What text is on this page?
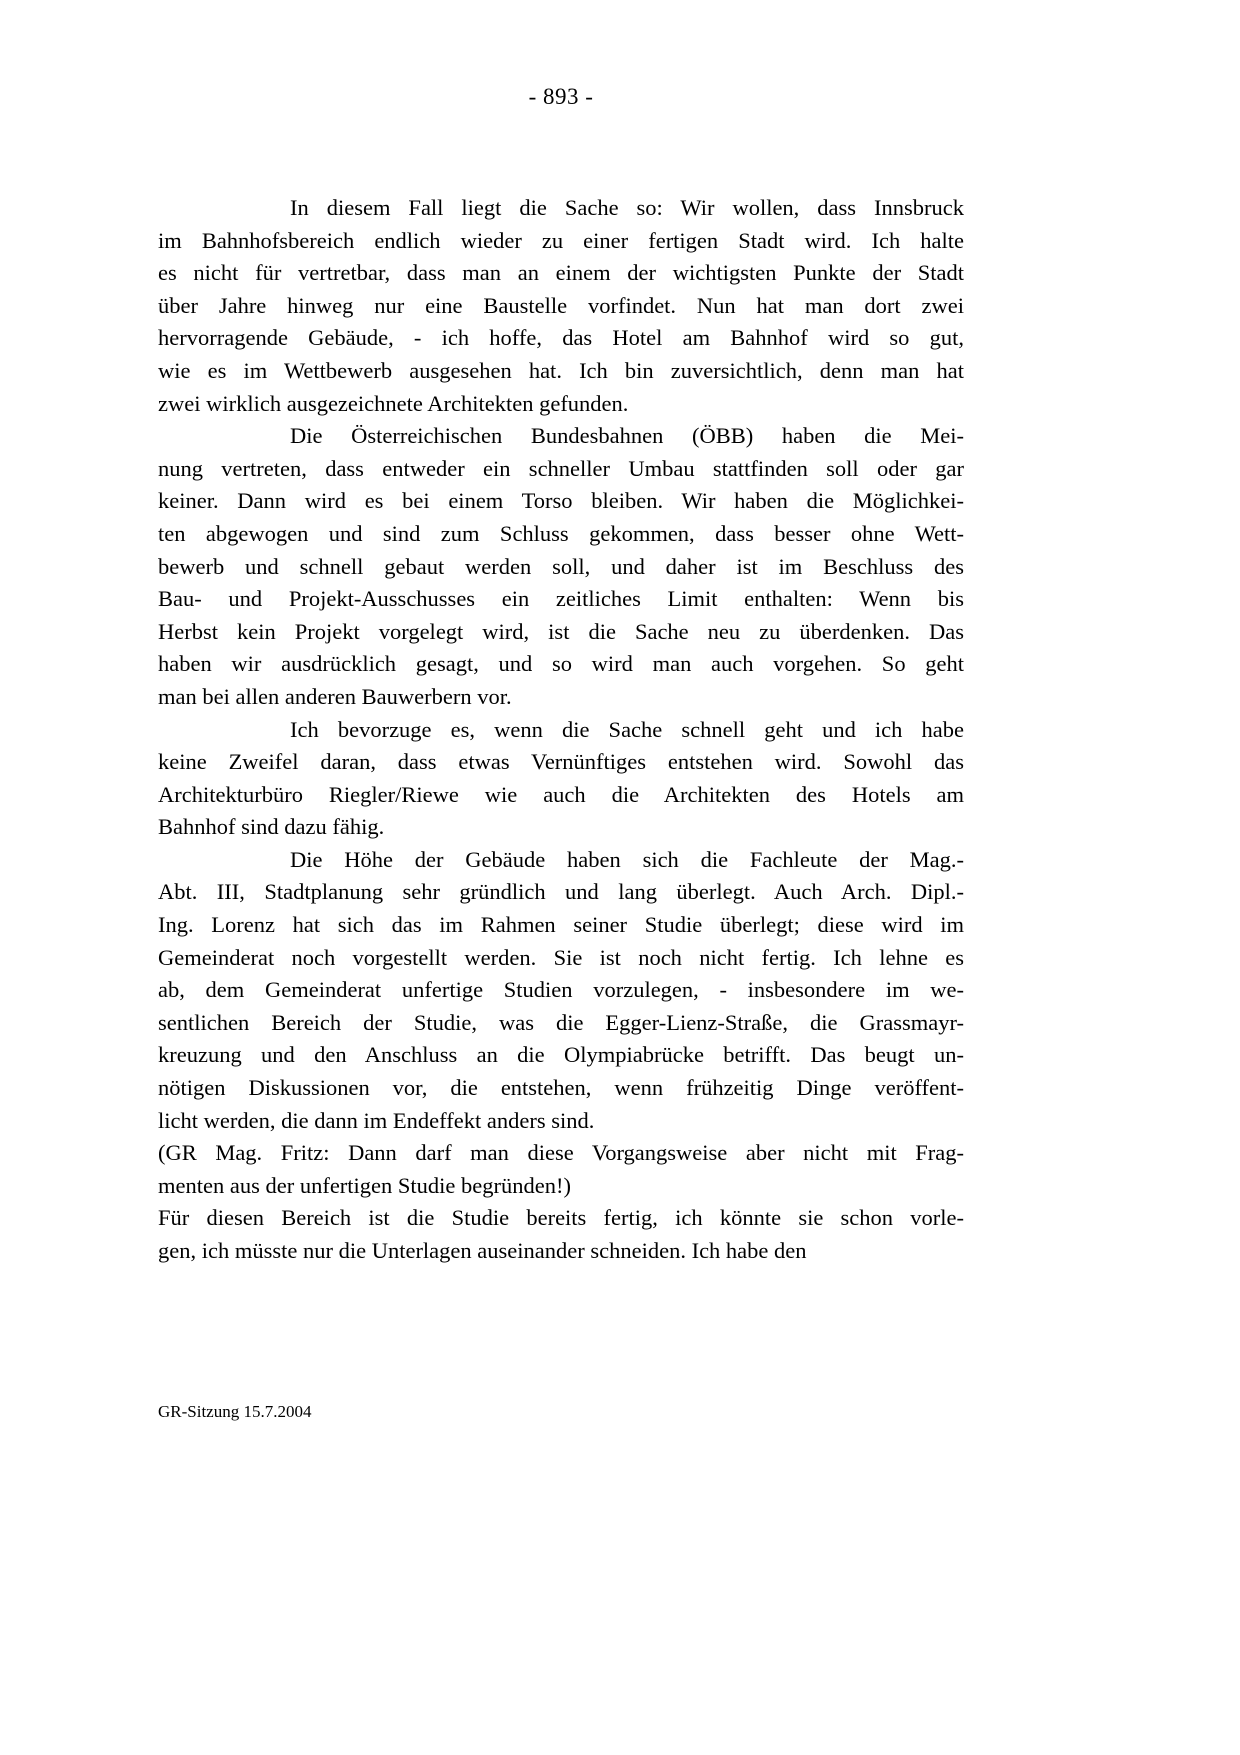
- 893 -
In diesem Fall liegt die Sache so: Wir wollen, dass Innsbruck
im Bahnhofsbereich endlich wieder zu einer fertigen Stadt wird. Ich halte
es nicht für vertretbar, dass man an einem der wichtigsten Punkte der Stadt
über Jahre hinweg nur eine Baustelle vorfindet. Nun hat man dort zwei
hervorragende Gebäude, - ich hoffe, das Hotel am Bahnhof wird so gut,
wie es im Wettbewerb ausgesehen hat. Ich bin zuversichtlich, denn man hat
zwei wirklich ausgezeichnete Architekten gefunden.
Die Österreichischen Bundesbahnen (ÖBB) haben die Mei-
nung vertreten, dass entweder ein schneller Umbau stattfinden soll oder gar
keiner. Dann wird es bei einem Torso bleiben. Wir haben die Möglichkei-
ten abgewogen und sind zum Schluss gekommen, dass besser ohne Wett-
bewerb und schnell gebaut werden soll, und daher ist im Beschluss des
Bau- und Projekt-Ausschusses ein zeitliches Limit enthalten: Wenn bis
Herbst kein Projekt vorgelegt wird, ist die Sache neu zu überdenken. Das
haben wir ausdrücklich gesagt, und so wird man auch vorgehen. So geht
man bei allen anderen Bauwerbern vor.
Ich bevorzuge es, wenn die Sache schnell geht und ich habe
keine Zweifel daran, dass etwas Vernünftiges entstehen wird. Sowohl das
Architekturbüro Riegler/Riewe wie auch die Architekten des Hotels am
Bahnhof sind dazu fähig.
Die Höhe der Gebäude haben sich die Fachleute der Mag.-
Abt. III, Stadtplanung sehr gründlich und lang überlegt. Auch Arch. Dipl.-
Ing. Lorenz hat sich das im Rahmen seiner Studie überlegt; diese wird im
Gemeinderat noch vorgestellt werden. Sie ist noch nicht fertig. Ich lehne es
ab, dem Gemeinderat unfertige Studien vorzulegen, - insbesondere im we-
sentlichen Bereich der Studie, was die Egger-Lienz-Straße, die Grassmayr-
kreuzung und den Anschluss an die Olympiabrücke betrifft. Das beugt un-
nötigen Diskussionen vor, die entstehen, wenn frühzeitig Dinge veröffent-
licht werden, die dann im Endeffekt anders sind.
(GR Mag. Fritz: Dann darf man diese Vorgangsweise aber nicht mit Frag-
menten aus der unfertigen Studie begründen!)
Für diesen Bereich ist die Studie bereits fertig, ich könnte sie schon vorle-
gen, ich müsste nur die Unterlagen auseinander schneiden. Ich habe den
GR-Sitzung 15.7.2004
